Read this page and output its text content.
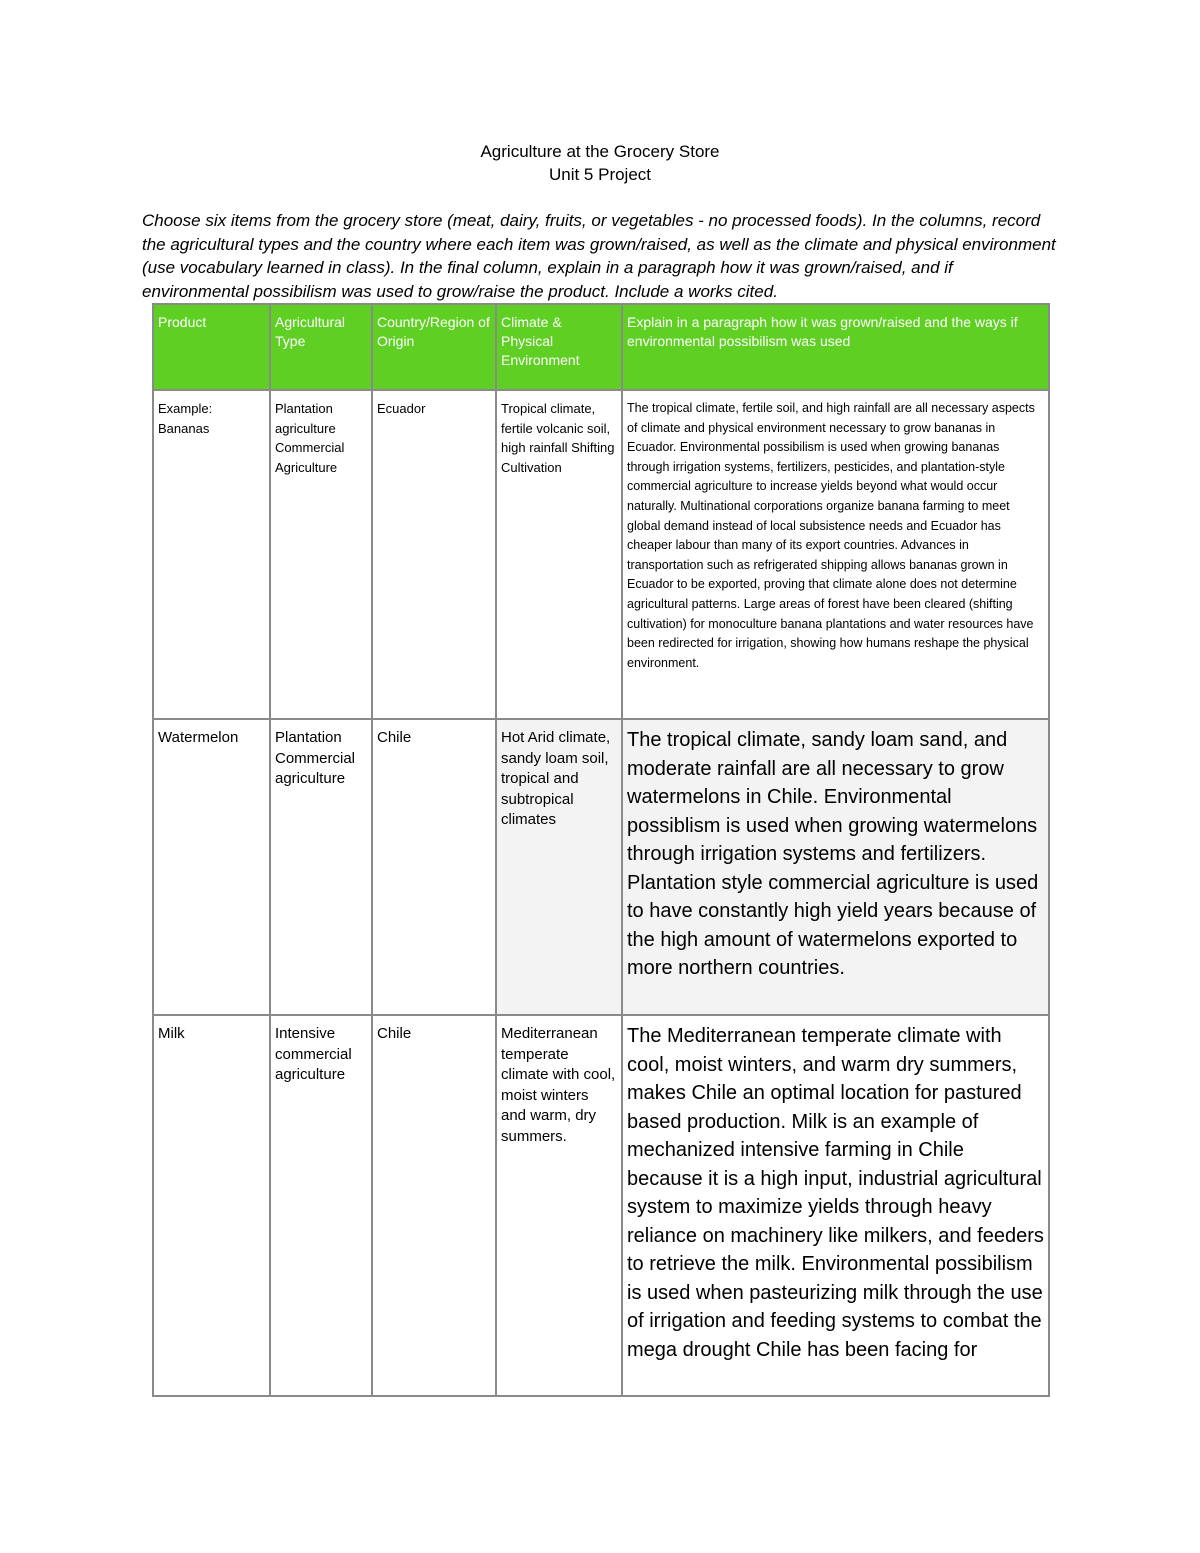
Agriculture at the Grocery Store
Unit 5 Project
Choose six items from the grocery store (meat, dairy, fruits, or vegetables - no processed foods). In the columns, record the agricultural types and the country where each item was grown/raised, as well as the climate and physical environment (use vocabulary learned in class). In the final column, explain in a paragraph how it was grown/raised, and if environmental possibilism was used to grow/raise the product. Include a works cited.
Product	Agricultural Type	Country/Region of Origin	Climate & Physical Environment	Explain in a paragraph how it was grown/raised and the ways if environmental possibilism was used
Example: Bananas	Plantation agriculture Commercial Agriculture	Ecuador	Tropical climate, fertile volcanic soil, high rainfall Shifting Cultivation	The tropical climate, fertile soil, and high rainfall are all necessary aspects of climate and physical environment necessary to grow bananas in Ecuador. Environmental possibilism is used when growing bananas through irrigation systems, fertilizers, pesticides, and plantation-style commercial agriculture to increase yields beyond what would occur naturally. Multinational corporations organize banana farming to meet global demand instead of local subsistence needs and Ecuador has cheaper labour than many of its export countries. Advances in transportation such as refrigerated shipping allows bananas grown in Ecuador to be exported, proving that climate alone does not determine agricultural patterns. Large areas of forest have been cleared (shifting cultivation) for monoculture banana plantations and water resources have been redirected for irrigation, showing how humans reshape the physical environment.
Watermelon	Plantation Commercial agriculture	Chile	Hot Arid climate, sandy loam soil, tropical and subtropical climates	The tropical climate, sandy loam sand, and moderate rainfall are all necessary to grow watermelons in Chile. Environmental possiblism is used when growing watermelons through irrigation systems and fertilizers. Plantation style commercial agriculture is used to have constantly high yield years because of the high amount of watermelons exported to more northern countries.
Milk	Intensive commercial agriculture	Chile	Mediterranean temperate climate with cool, moist winters and warm, dry summers.	The Mediterranean temperate climate with cool, moist winters, and warm dry summers, makes Chile an optimal location for pastured based production. Milk is an example of mechanized intensive farming in Chile because it is a high input, industrial agricultural system to maximize yields through heavy reliance on machinery like milkers, and feeders to retrieve the milk. Environmental possibilism is used when pasteurizing milk through the use of irrigation and feeding systems to combat the mega drought Chile has been facing for
